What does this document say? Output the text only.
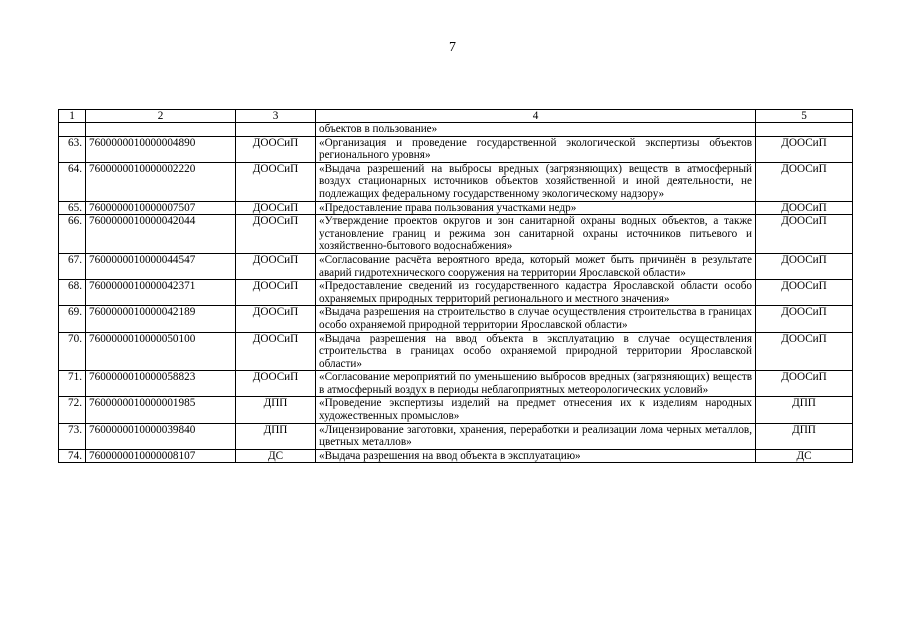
7
1	2	3	4	5
			объектов в пользование»	
63.	7600000010000004890	ДООСиП	«Организация и проведение государственной экологической экспертизы объектов регионального уровня»	ДООСиП
64.	7600000010000002220	ДООСиП	«Выдача разрешений на выбросы вредных (загрязняющих) веществ в атмосферный воздух стационарных источников объектов хозяйственной и иной деятельности, не подлежащих федеральному государственному экологическому надзору»	ДООСиП
65.	7600000010000007507	ДООСиП	«Предоставление права пользования участками недр»	ДООСиП
66.	7600000010000042044	ДООСиП	«Утверждение проектов округов и зон санитарной охраны водных объектов, а также установление границ и режима зон санитарной охраны источников питьевого и хозяйственно-бытового водоснабжения»	ДООСиП
67.	7600000010000044547	ДООСиП	«Согласование расчёта вероятного вреда, который может быть причинён в результате аварий гидротехнического сооружения на территории Ярославской области»	ДООСиП
68.	7600000010000042371	ДООСиП	«Предоставление сведений из государственного кадастра Ярославской области особо охраняемых природных территорий регионального и местного значения»	ДООСиП
69.	7600000010000042189	ДООСиП	«Выдача разрешения на строительство в случае осуществления строительства в границах особо охраняемой природной территории Ярославской области»	ДООСиП
70.	7600000010000050100	ДООСиП	«Выдача разрешения на ввод объекта в эксплуатацию в случае осуществления строительства в границах особо охраняемой природной территории Ярославской области»	ДООСиП
71.	7600000010000058823	ДООСиП	«Согласование мероприятий по уменьшению выбросов вредных (загрязняющих) веществ в атмосферный воздух в периоды неблагоприятных метеорологических условий»	ДООСиП
72.	7600000010000001985	ДПП	«Проведение экспертизы изделий на предмет отнесения их к изделиям народных художественных промыслов»	ДПП
73.	7600000010000039840	ДПП	«Лицензирование заготовки, хранения, переработки и реализации лома черных металлов, цветных металлов»	ДПП
74.	7600000010000008107	ДС	«Выдача разрешения на ввод объекта в эксплуатацию»	ДС
